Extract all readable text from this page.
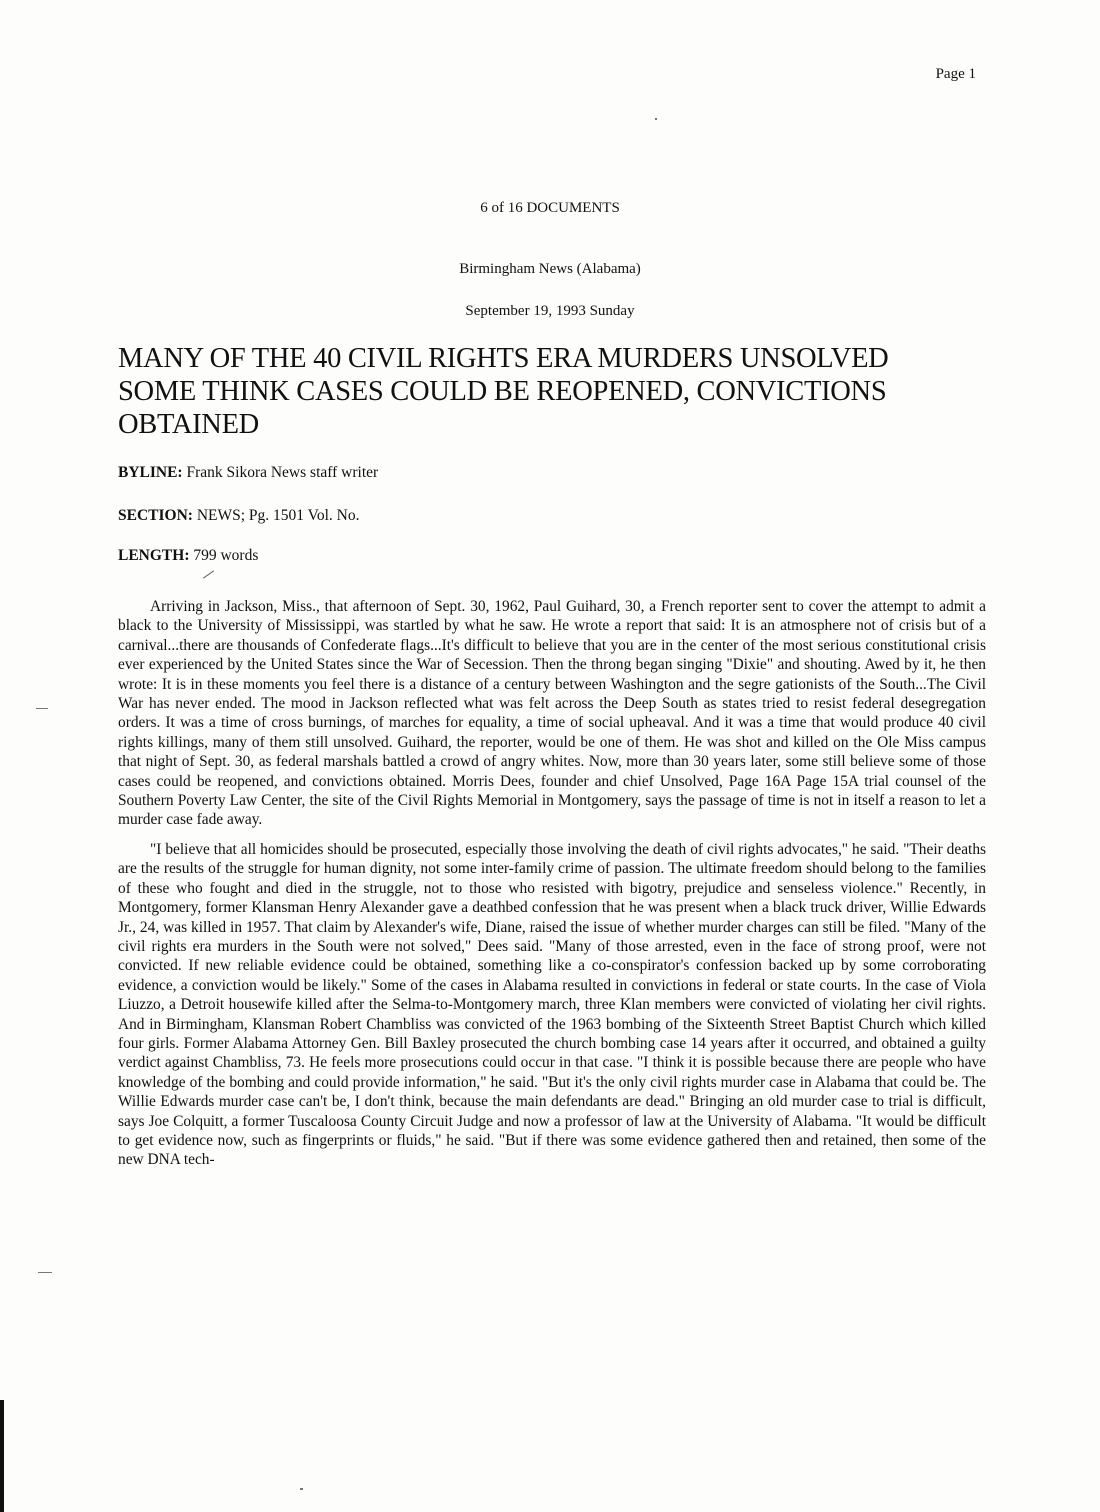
Page 1
6 of 16 DOCUMENTS
Birmingham News (Alabama)
September 19, 1993 Sunday
MANY OF THE 40 CIVIL RIGHTS ERA MURDERS UNSOLVED
SOME THINK CASES COULD BE REOPENED, CONVICTIONS
OBTAINED
BYLINE: Frank Sikora News staff writer
SECTION: NEWS; Pg. 1501 Vol. No.
LENGTH: 799 words

Arriving in Jackson, Miss., that afternoon of Sept. 30, 1962, Paul Guihard, 30, a French reporter sent to cover the attempt to admit a black to the University of Mississippi, was startled by what he saw. He wrote a report that said: It is an atmosphere not of crisis but of a carnival...there are thousands of Confederate flags...It's difficult to believe that you are in the center of the most serious constitutional crisis ever experienced by the United States since the War of Secession. Then the throng began singing "Dixie" and shouting. Awed by it, he then wrote: It is in these moments you feel there is a distance of a century between Washington and the segre gationists of the South...The Civil War has never ended. The mood in Jackson reflected what was felt across the Deep South as states tried to resist federal desegregation orders. It was a time of cross burnings, of marches for equality, a time of social upheaval. And it was a time that would produce 40 civil rights killings, many of them still unsolved. Guihard, the reporter, would be one of them. He was shot and killed on the Ole Miss campus that night of Sept. 30, as federal marshals battled a crowd of angry whites. Now, more than 30 years later, some still believe some of those cases could be reopened, and convictions obtained. Morris Dees, founder and chief Unsolved, Page 16A Page 15A trial counsel of the Southern Poverty Law Center, the site of the Civil Rights Memorial in Montgomery, says the passage of time is not in itself a reason to let a murder case fade away.

"I believe that all homicides should be prosecuted, especially those involving the death of civil rights advocates," he said. "Their deaths are the results of the struggle for human dignity, not some inter-family crime of passion. The ultimate freedom should belong to the families of these who fought and died in the struggle, not to those who resisted with bigotry, prejudice and senseless violence." Recently, in Montgomery, former Klansman Henry Alexander gave a deathbed confession that he was present when a black truck driver, Willie Edwards Jr., 24, was killed in 1957. That claim by Alexander's wife, Diane, raised the issue of whether murder charges can still be filed. "Many of the civil rights era murders in the South were not solved," Dees said. "Many of those arrested, even in the face of strong proof, were not convicted. If new reliable evidence could be obtained, something like a co-conspirator's confession backed up by some corroborating evidence, a conviction would be likely." Some of the cases in Alabama resulted in convictions in federal or state courts. In the case of Viola Liuzzo, a Detroit housewife killed after the Selma-to-Montgomery march, three Klan members were convicted of violating her civil rights. And in Birmingham, Klansman Robert Chambliss was convicted of the 1963 bombing of the Sixteenth Street Baptist Church which killed four girls. Former Alabama Attorney Gen. Bill Baxley prosecuted the church bombing case 14 years after it occurred, and obtained a guilty verdict against Chambliss, 73. He feels more prosecutions could occur in that case. "I think it is possible because there are people who have knowledge of the bombing and could provide information," he said. "But it's the only civil rights murder case in Alabama that could be. The Willie Edwards murder case can't be, I don't think, because the main defendants are dead." Bringing an old murder case to trial is difficult, says Joe Colquitt, a former Tuscaloosa County Circuit Judge and now a professor of law at the University of Alabama. "It would be difficult to get evidence now, such as fingerprints or fluids," he said. "But if there was some evidence gathered then and retained, then some of the new DNA tech-
